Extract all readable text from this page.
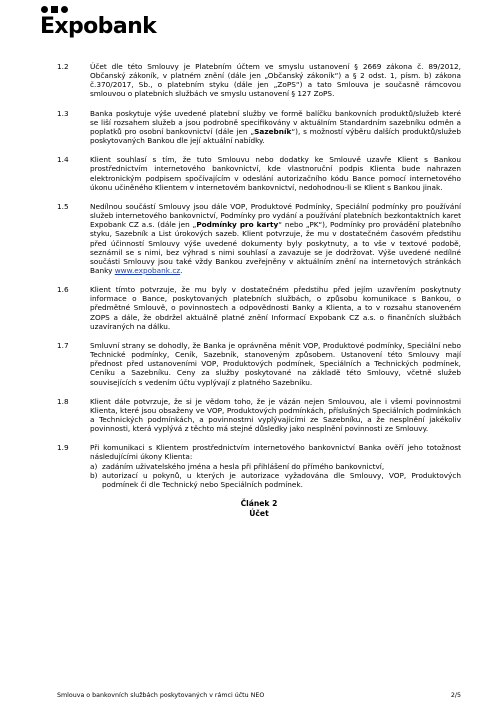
Expobank
1.2	Účet dle této Smlouvy je Platebním účtem ve smyslu ustanovení § 2669 zákona č. 89/2012, Občanský zákoník, v platném znění (dále jen „Občanský zákoník“) a § 2 odst. 1, písm. b) zákona č.370/2017, Sb., o platebním styku (dále jen „ZoPS“) a tato Smlouva je současně rámcovou smlouvou o platebních službách ve smyslu ustanovení § 127 ZoPS.
1.3	Banka poskytuje výše uvedené platební služby ve formě balíčku bankovních produktů/služeb které se liší rozsahem služeb a jsou podrobně specifikovány v aktuálním Standardním sazebníku odměn a poplatků pro osobní bankovnictví (dále jen „Sazebník“), s možností výběru dalších produktů/služeb poskytovaných Bankou dle její aktuální nabídky.
1.4	Klient souhlasí s tím, že tuto Smlouvu nebo dodatky ke Smlouvě uzavře Klient s Bankou prostřednictvím internetového bankovnictví, kde vlastnoruční podpis Klienta bude nahrazen elektronickým podpisem spočívajícím v odeslání autorizačního kódu Bance pomocí internetového úkonu učiněného Klientem v internetovém bankovnictví, nedohodnou-li se Klient s Bankou jinak.
1.5	Nedílnou součástí Smlouvy jsou dále VOP, Produktové Podmínky, Speciální podmínky pro používání služeb internetového bankovnictví, Podmínky pro vydání a používání platebních bezkontaktních karet Expobank CZ a.s. (dále jen „Podmínky pro karty“ nebo „PK“), Podmínky pro provádění platebního styku, Sazebník a List úrokových sazeb. Klient potvrzuje, že mu v dostatečném časovém předstihu před účinností Smlouvy výše uvedené dokumenty byly poskytnuty, a to vše v textové podobě, seznámil se s nimi, bez výhrad s nimi souhlasí a zavazuje se je dodržovat. Výše uvedené nedílné součásti Smlouvy jsou také vždy Bankou zveřejněny v aktuálním znění na internetových stránkách Banky www.expobank.cz.
1.6	Klient tímto potvrzuje, že mu byly v dostatečném předstihu před jejím uzavřením poskytnuty informace o Bance, poskytovaných platebních službách, o způsobu komunikace s Bankou, o předmětné Smlouvě, o povinnostech a odpovědnosti Banky a Klienta, a to v rozsahu stanoveném ZOPS a dále, že obdržel aktuálně platné znění Informací Expobank CZ a.s. o finančních službách uzavíraných na dálku.
1.7	Smluvní strany se dohodly, že Banka je oprávněna měnit VOP, Produktové podmínky, Speciální nebo Technické podmínky, Ceník, Sazebník, stanoveným způsobem. Ustanovení této Smlouvy mají přednost před ustanoveními VOP, Produktových podmínek, Speciálních a Technických podmínek, Ceníku a Sazebníku. Ceny za služby poskytované na základě této Smlouvy, včetně služeb souvisejících s vedením účtu vyplývají z platného Sazebníku.
1.8	Klient dále potvrzuje, že si je vědom toho, že je vázán nejen Smlouvou, ale i všemi povinnostmi Klienta, které jsou obsaženy ve VOP, Produktových podmínkách, příslušných Speciálních podmínkách a Technických podmínkách, a povinnostmi vyplývajícími ze Sazebníku, a že nesplnění jakékoliv povinnosti, která vyplývá z těchto má stejné důsledky jako nesplnění povinnosti ze Smlouvy.
1.9	Při komunikaci s Klientem prostřednictvím internetového bankovnictví Banka ověří jeho totožnost následujícími úkony Klienta:
a) zadáním uživatelského jména a hesla při přihlášení do přímého bankovnictví,
b) autorizací u pokynů, u kterých je autorizace vyžadována dle Smlouvy, VOP, Produktových podmínek či dle Technický nebo Speciálních podmínek.
Článek 2
Účet
Smlouva o bankovních službách poskytovaných v rámci účtu NEO	2/5
